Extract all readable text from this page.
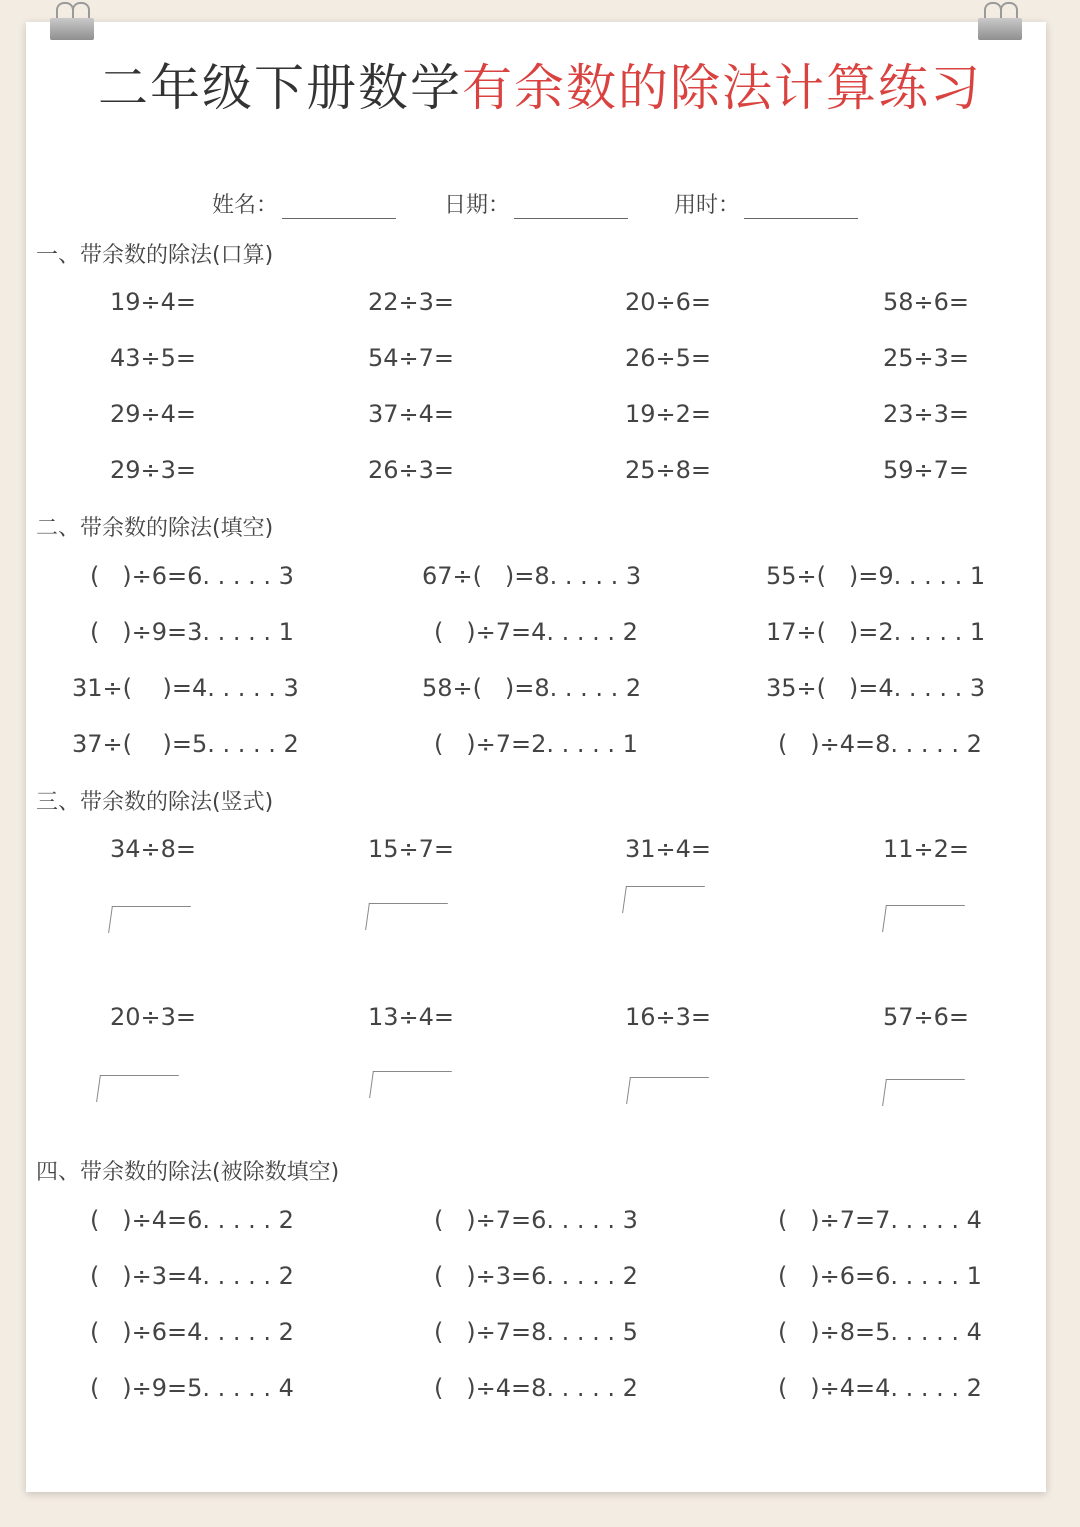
二年级下册数学有余数的除法计算练习
姓名：	日期：	用时：
一、带余数的除法(口算)
19÷4=	22÷3=	20÷6=	58÷6=
43÷5=	54÷7=	26÷5=	25÷3=
29÷4=	37÷4=	19÷2=	23÷3=
29÷3=	26÷3=	25÷8=	59÷7=
二、带余数的除法(填空)
(   )÷6=6. . . . . 3	67÷(   )=8. . . . . 3	55÷(   )=9. . . . . 1
(   )÷9=3. . . . . 1	(   )÷7=4. . . . . 2	17÷(   )=2. . . . . 1
31÷(    )=4. . . . . 3	58÷(   )=8. . . . . 2	35÷(   )=4. . . . . 3
37÷(    )=5. . . . . 2	(   )÷7=2. . . . . 1	(   )÷4=8. . . . . 2
三、带余数的除法(竖式)
34÷8=	15÷7=	31÷4=	11÷2=
20÷3=	13÷4=	16÷3=	57÷6=
四、带余数的除法(被除数填空)
(   )÷4=6. . . . . 2	(   )÷7=6. . . . . 3	(   )÷7=7. . . . . 4
(   )÷3=4. . . . . 2	(   )÷3=6. . . . . 2	(   )÷6=6. . . . . 1
(   )÷6=4. . . . . 2	(   )÷7=8. . . . . 5	(   )÷8=5. . . . . 4
(   )÷9=5. . . . . 4	(   )÷4=8. . . . . 2	(   )÷4=4. . . . . 2
